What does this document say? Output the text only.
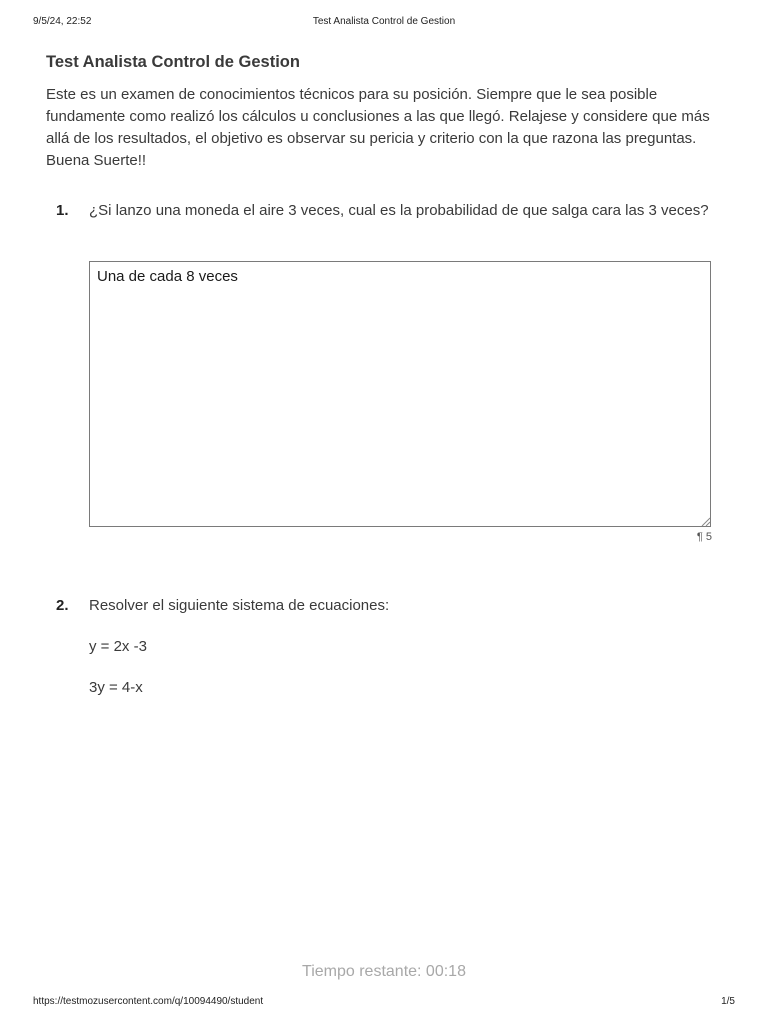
9/5/24, 22:52	Test Analista Control de Gestion
Test Analista Control de Gestion

Este es un examen de conocimientos técnicos para su posición. Siempre que le sea posible fundamente como realizó los cálculos u conclusiones a las que llegó. Relajese y considere que más allá de los resultados, el objetivo es observar su pericia y criterio con la que razona las preguntas. Buena Suerte!!

1. ¿Si lanzo una moneda el aire 3 veces, cual es la probabilidad de que salga cara las 3 veces?

Una de cada 8 veces
¶ 5
2. Resolver el siguiente sistema de ecuaciones:

y = 2x -3

3y = 4-x

Tiempo restante: 00:18
https://testmozusercontent.com/q/10094490/student	1/5
